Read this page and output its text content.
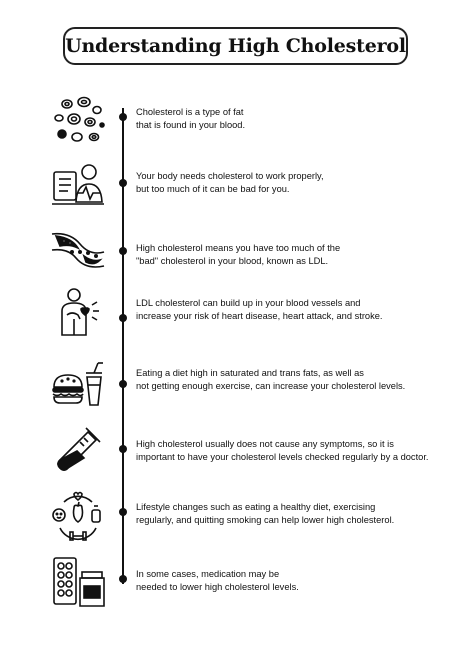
Understanding High Cholesterol
Cholesterol is a type of fat
that is found in your blood.
Your body needs cholesterol to work properly,
but too much of it can be bad for you.
High cholesterol means you have too much of the
"bad" cholesterol in your blood, known as LDL.
LDL cholesterol can build up in your blood vessels and
increase your risk of heart disease, heart attack, and stroke.
Eating a diet high in saturated and trans fats, as well as
not getting enough exercise, can increase your cholesterol levels.
High cholesterol usually does not cause any symptoms, so it is
important to have your cholesterol levels checked regularly by a doctor.
Lifestyle changes such as eating a healthy diet, exercising
regularly, and quitting smoking can help lower high cholesterol.
In some cases, medication may be
needed to lower high cholesterol levels.
